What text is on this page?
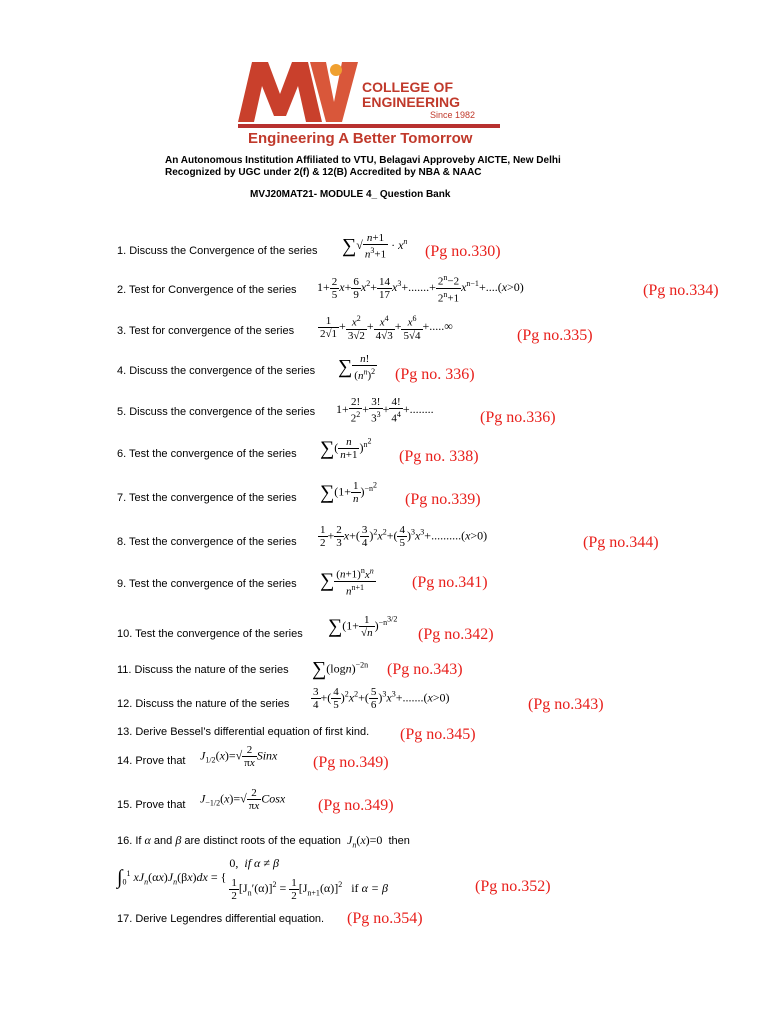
COLLEGE OF
ENGINEERING
Since 1982
Engineering A Better Tomorrow
An Autonomous Institution Affiliated to VTU, Belagavi Approveby AICTE, New Delhi
Recognized by UGC under 2(f) & 12(B) Accredited by NBA & NAAC
MVJ20MAT21- MODULE 4_ Question Bank
1. Discuss the Convergence of the series ∑√ $\frac{n+1}{n^3+1} \cdot x^n$
(Pg no.330)
2. Test for Convergence of the series $1+ \frac{2}{5} x+ \frac{6}{9} x^2+ \frac{14}{17} x^3+.......+ \frac{2^n-2}{2^n+1} x^{n-1}+....(x>0)$	(Pg no.334)
3. Test for convergence of the series $\frac{1}{2√1} + \frac{x^2}{3√2} + \frac{x^4}{4√3} + \frac{x^6}{5√4}$ +.....∞
(Pg no.335)
4. Discuss the convergence of the series ∑ $\frac{n!}{(n^n)^2} (Pg$ no. 336)
5. Discuss the convergence of the series $1+ \frac{2!}{2^2} + \frac{3!}{3^3} + \frac{4!}{4^4}$ +........	(Pg no.336)
6. Test the convergence of the series ∑( $\frac{n}{n+1} )^{n^2}$
(Pg no. 338)
7. Test the convergence of the series $\sum(1+ \frac{1}{n} )^{-n^2}$
(Pg no.339)
8. Test the convergence of the series $\frac{1}{2} + \frac{2}{3} x+( \frac{3}{4} )^2x^2+( \frac{4}{5} )^3x^3+..........(x>0)$	(Pg no.344)
9. Test the convergence of the series ∑ $\frac{(n+1)^nx^n}{n^{n+1}} (Pg$ no.341)
10. Test the convergence of the series $\sum(1+ \frac{1}{√n} )^{-n^{3/2}}$
(Pg no.342)
11. Discuss the nature of the series $\sum(\log n)^{-2n}$ (Pg no.343)
12. Discuss the nature of the series $\frac{3}{4}$ +( $\frac{4}{5} )^2x^2+( \frac{5}{6} )^3x^3+.......(x>0)$	(Pg no.343)
13. Derive Bessel’s differential equation of first kind. (Pg no.345)
14. Prove that $J_{1/2}(x)=√ \frac{2}{\pi x}$ Sinx (Pg no.349)
15. Prove that $J_{-1/2}(x)=√ \frac{2}{\pi x}$ Cosx (Pg no.349)
16. If α and β are distinct roots of the equation $J_n(x)=0$  then
$\int_0^1$ $xJ_n(\alpha x)J_n(\beta x)dx$ = { 0,  if α ≠ β

$\frac{1}{2} [J_n'(\alpha)]^2 = \frac{1}{2} [J_{n+1}(\alpha)]^2$   if α = β	(Pg no.352)
17. Derive Legendres differential equation. (Pg no.354)
